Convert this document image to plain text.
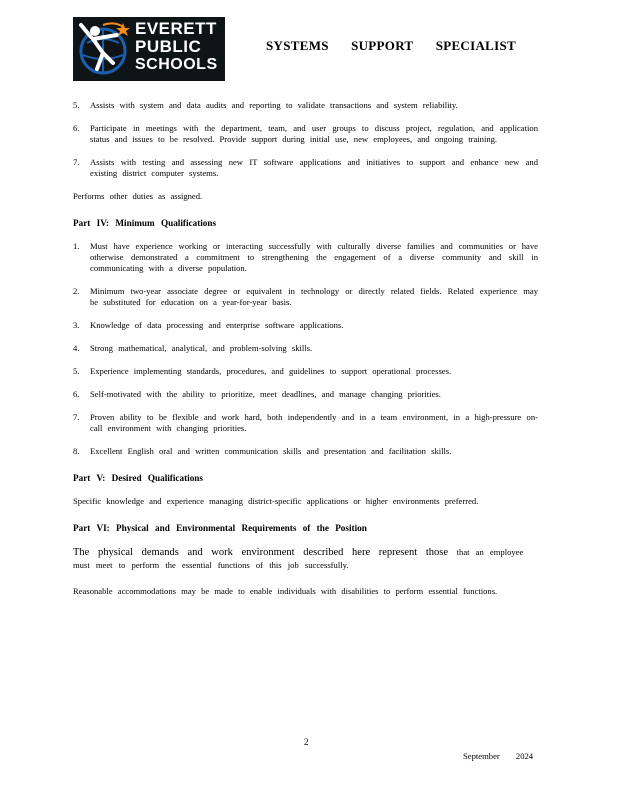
EVERETT
PUBLIC
SCHOOLS
SYSTEMS SUPPORT SPECIALIST
5. Assists with system and data audits and reporting to validate transactions and system reliability.
6. Participate in meetings with the department, team, and user groups to discuss project, regulation, and application status and issues to be resolved. Provide support during initial use, new employees, and ongoing training.
7. Assists with testing and assessing new IT software applications and initiatives to support and enhance new and existing district computer systems.
Performs other duties as assigned.
Part IV: Minimum Qualifications
1. Must have experience working or interacting successfully with culturally diverse families and communities or have otherwise demonstrated a commitment to strengthening the engagement of a diverse community and skill in communicating with a diverse population.
2. Minimum two-year associate degree or equivalent in technology or directly related fields. Related experience may be substituted for education on a year-for-year basis.
3. Knowledge of data processing and enterprise software applications.
4. Strong mathematical, analytical, and problem-solving skills.
5. Experience implementing standards, procedures, and guidelines to support operational processes.
6. Self-motivated with the ability to prioritize, meet deadlines, and manage changing priorities.
7. Proven ability to be flexible and work hard, both independently and in a team environment, in a high-pressure on-call environment with changing priorities.
8. Excellent English oral and written communication skills and presentation and facilitation skills.
Part V: Desired Qualifications
Specific knowledge and experience managing district-specific applications or higher environments preferred.
Part VI: Physical and Environmental Requirements of the Position
The physical demands and work environment described here represent those that an employee must meet to perform the essential functions of this job successfully.
Reasonable accommodations may be made to enable individuals with disabilities to perform essential functions.
2
September 2024
